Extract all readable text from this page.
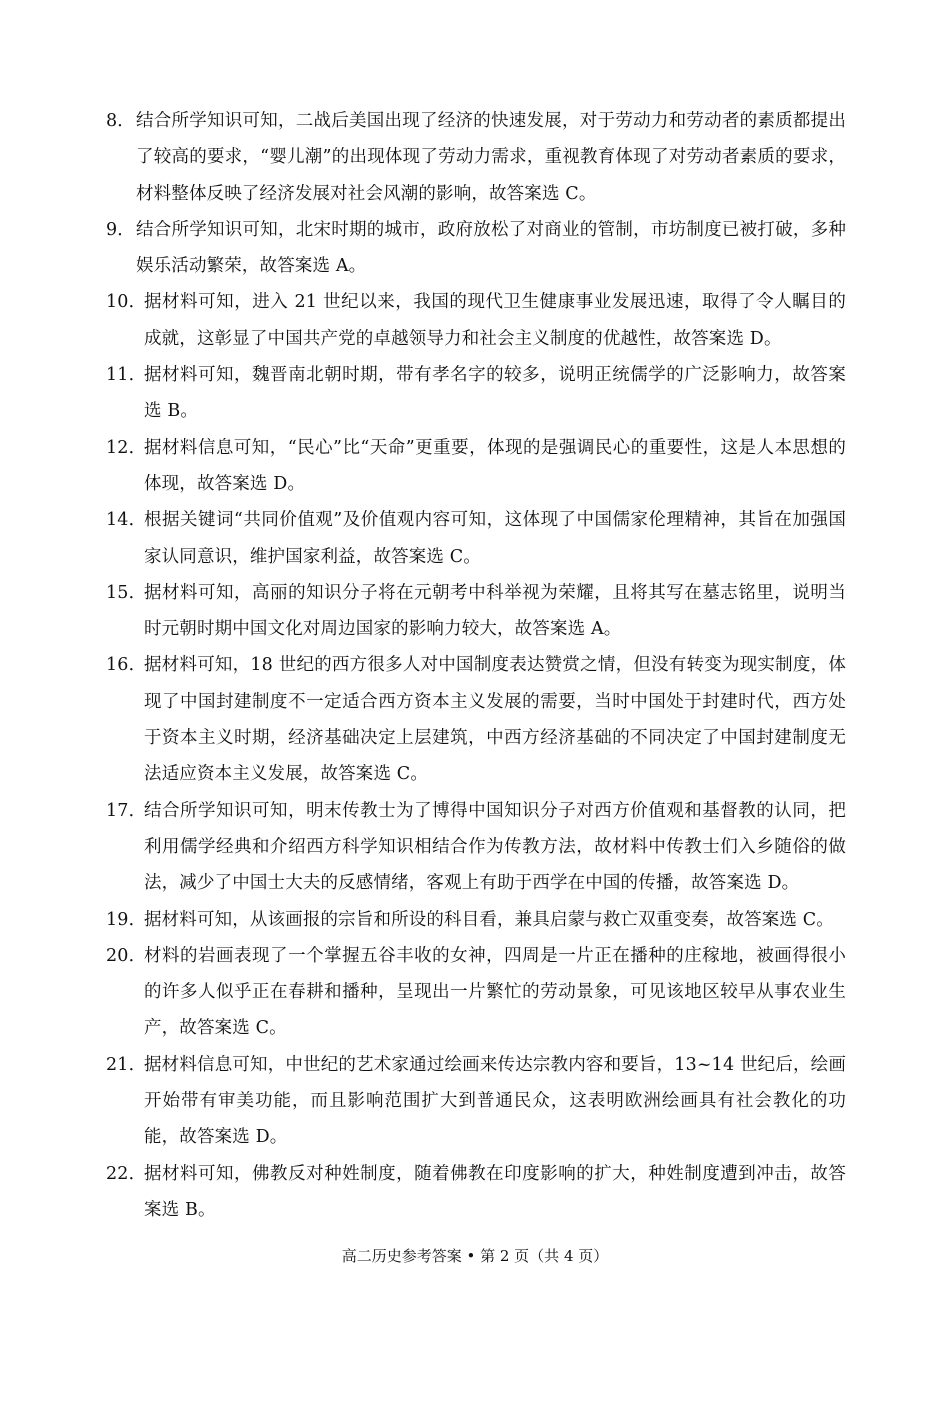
8． 结合所学知识可知，二战后美国出现了经济的快速发展，对于劳动力和劳动者的素质都提出了较高的要求，“婴儿潮”的出现体现了劳动力需求，重视教育体现了对劳动者素质的要求，材料整体反映了经济发展对社会风潮的影响，故答案选 C。
9． 结合所学知识可知，北宋时期的城市，政府放松了对商业的管制，市坊制度已被打破，多种娱乐活动繁荣，故答案选 A。
10．
据材料可知，进入 21 世纪以来，我国的现代卫生健康事业发展迅速，取得了令人瞩目的成就，这彰显了中国共产党的卓越领导力和社会主义制度的优越性，故答案选 D。
11．
据材料可知，魏晋南北朝时期，带有孝名字的较多，说明正统儒学的广泛影响力，故答案选 B。
12．
据材料信息可知，“民心”比“天命”更重要，体现的是强调民心的重要性，这是人本思想的体现，故答案选 D。
14．
根据关键词“共同价值观”及价值观内容可知，这体现了中国儒家伦理精神，其旨在加强国家认同意识，维护国家利益，故答案选 C。
15．
据材料可知，高丽的知识分子将在元朝考中科举视为荣耀，且将其写在墓志铭里，说明当时元朝时期中国文化对周边国家的影响力较大，故答案选 A。
16．
据材料可知，18 世纪的西方很多人对中国制度表达赞赏之情，但没有转变为现实制度，体现了中国封建制度不一定适合西方资本主义发展的需要，当时中国处于封建时代，西方处于资本主义时期，经济基础决定上层建筑，中西方经济基础的不同决定了中国封建制度无法适应资本主义发展，故答案选 C。
17．
结合所学知识可知，明末传教士为了博得中国知识分子对西方价值观和基督教的认同，把利用儒学经典和介绍西方科学知识相结合作为传教方法，故材料中传教士们入乡随俗的做法，减少了中国士大夫的反感情绪，客观上有助于西学在中国的传播，故答案选 D。
19．
据材料可知，从该画报的宗旨和所设的科目看，兼具启蒙与救亡双重变奏，故答案选 C。
20．
材料的岩画表现了一个掌握五谷丰收的女神，四周是一片正在播种的庄稼地，被画得很小的许多人似乎正在春耕和播种，呈现出一片繁忙的劳动景象，可见该地区较早从事农业生产，故答案选 C。
21．
据材料信息可知，中世纪的艺术家通过绘画来传达宗教内容和要旨，13~14 世纪后，绘画开始带有审美功能，而且影响范围扩大到普通民众，这表明欧洲绘画具有社会教化的功能，故答案选 D。
22．
据材料可知，佛教反对种姓制度，随着佛教在印度影响的扩大，种姓制度遭到冲击，故答案选 B。
高二历史参考答案 • 第 2 页（共 4 页）
